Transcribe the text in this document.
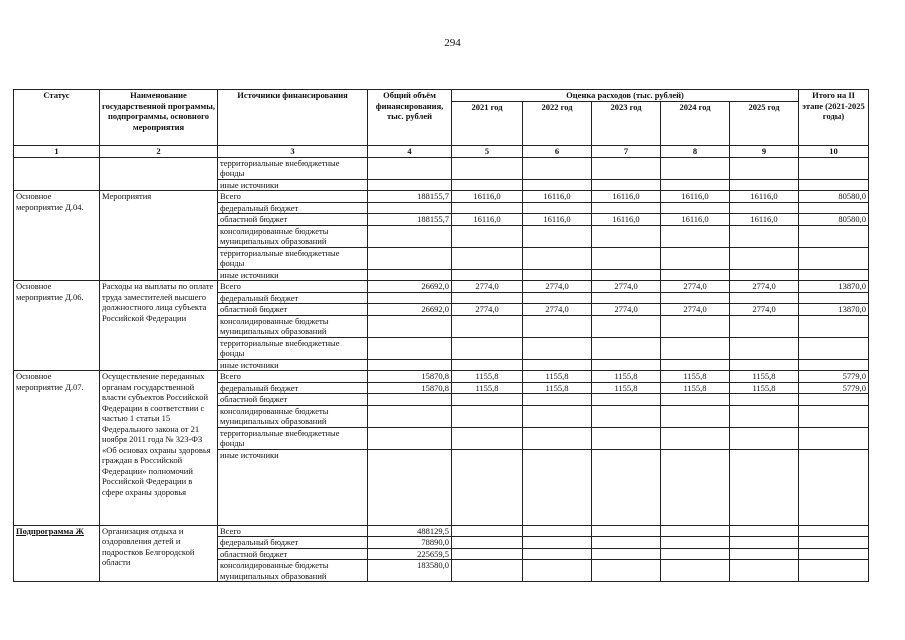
294
Статус	Наименование государственной программы, подпрограммы, основного мероприятия	Источники финансирования	Общий объём финансирования, тыс. рублей	Оценка расходов (тыс. рублей)					Итого на II этапе (2021-2025 годы)
				2021 год	2022 год	2023 год	2024 год	2025 год	
1	2	3	4	5	6	7	8	9	10
		территориальные внебюджетные фонды							
		иные источники							
Основное мероприятие Д.04.	Мероприятия	Всего	188155,7	16116,0	16116,0	16116,0	16116,0	16116,0	80580,0
		федеральный бюджет							
		областной бюджет	188155,7	16116,0	16116,0	16116,0	16116,0	16116,0	80580,0
		консолидированные бюджеты муниципальных образований							
		территориальные внебюджетные фонды							
		иные источники							
Основное мероприятие Д.06.	Расходы на выплаты по оплате труда заместителей высшего должностного лица субъекта Российской Федерации	Всего	26692,0	2774,0	2774,0	2774,0	2774,0	2774,0	13870,0
		федеральный бюджет							
		областной бюджет	26692,0	2774,0	2774,0	2774,0	2774,0	2774,0	13870,0
		консолидированные бюджеты муниципальных образований							
		территориальные внебюджетные фонды							
		иные источники							
Основное мероприятие Д.07.	Осуществление переданных органам государственной власти субъектов Российской Федерации в соответствии с частью 1 статьи 15 Федерального закона от 21 ноября 2011 года № 323-ФЗ «Об основах охраны здоровья граждан в Российской Федерации» полномочий Российской Федерации в сфере охраны здоровья	Всего	15870,8	1155,8	1155,8	1155,8	1155,8	1155,8	5779,0
		федеральный бюджет	15870,8	1155,8	1155,8	1155,8	1155,8	1155,8	5779,0
		областной бюджет							
		консолидированные бюджеты муниципальных образований							
		территориальные внебюджетные фонды							
		иные источники							
Подпрограмма Ж	Организация отдыха и оздоровления детей и подростков Белгородской области	Всего	488129,5						
		федеральный бюджет	78890,0						
		областной бюджет	225659,5						
		консолидированные бюджеты муниципальных образований	183580,0						
